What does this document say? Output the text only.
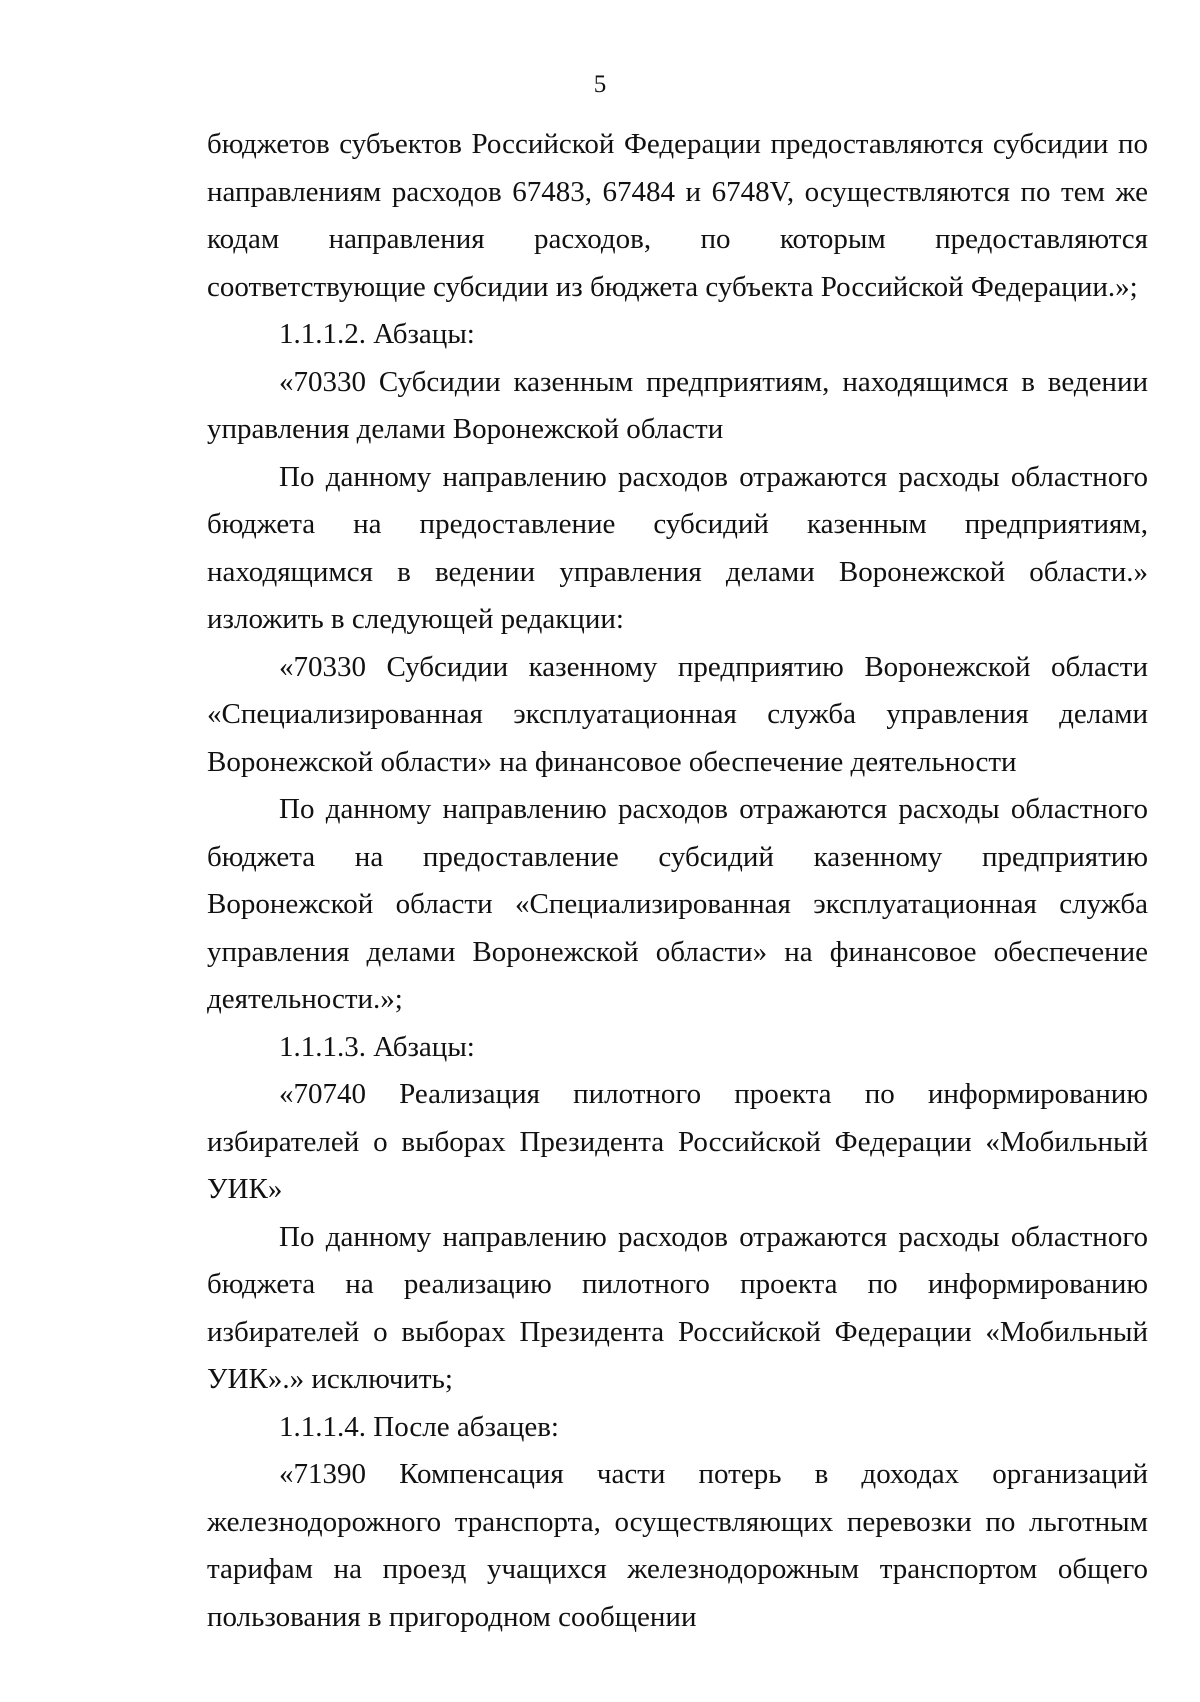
5

бюджетов субъектов Российской Федерации предоставляются субсидии по направлениям расходов 67483, 67484 и 6748V, осуществляются по тем же кодам направления расходов, по которым предоставляются соответствующие субсидии из бюджета субъекта Российской Федерации.»;

1.1.1.2. Абзацы:

«70330 Субсидии казенным предприятиям, находящимся в ведении управления делами Воронежской области

По данному направлению расходов отражаются расходы областного бюджета на предоставление субсидий казенным предприятиям, находящимся в ведении управления делами Воронежской области.» изложить в следующей редакции:

«70330 Субсидии казенному предприятию Воронежской области «Специализированная эксплуатационная служба управления делами Воронежской области» на финансовое обеспечение деятельности

По данному направлению расходов отражаются расходы областного бюджета на предоставление субсидий казенному предприятию Воронежской области «Специализированная эксплуатационная служба управления делами Воронежской области» на финансовое обеспечение деятельности.»;

1.1.1.3. Абзацы:

«70740 Реализация пилотного проекта по информированию избирателей о выборах Президента Российской Федерации «Мобильный УИК»

По данному направлению расходов отражаются расходы областного бюджета на реализацию пилотного проекта по информированию избирателей о выборах Президента Российской Федерации «Мобильный УИК».» исключить;

1.1.1.4. После абзацев:

«71390 Компенсация части потерь в доходах организаций железнодорожного транспорта, осуществляющих перевозки по льготным тарифам на проезд учащихся железнодорожным транспортом общего пользования в пригородном сообщении
